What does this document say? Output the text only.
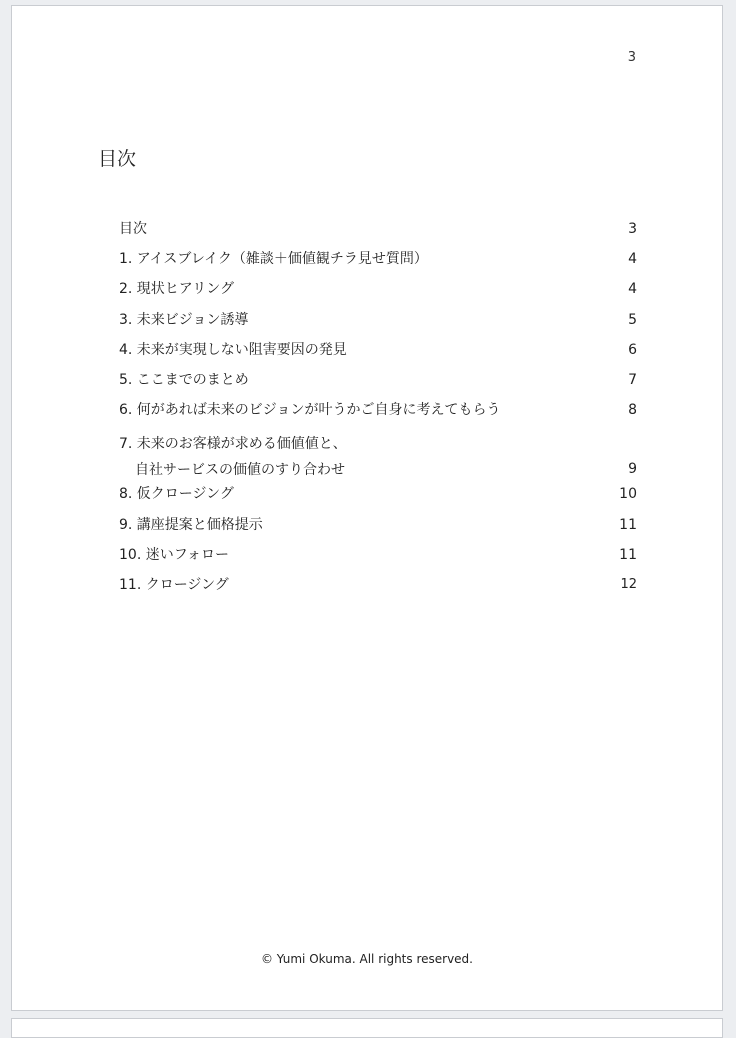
3
目次
目次	3
1. アイスブレイク（雑談＋価値観チラ見せ質問）	4
2. 現状ヒアリング	4
3. 未来ビジョン誘導	5
4. 未来が実現しない阻害要因の発見	6
5. ここまでのまとめ	7
6. 何があれば未来のビジョンが叶うかご自身に考えてもらう	8
7. 未来のお客様が求める価値値と、
自社サービスの価値のすり合わせ	9
8. 仮クロージング	10
9. 講座提案と価格提示	11
10. 迷いフォロー	11
11. クロージング	12
© Yumi Okuma. All rights reserved.
